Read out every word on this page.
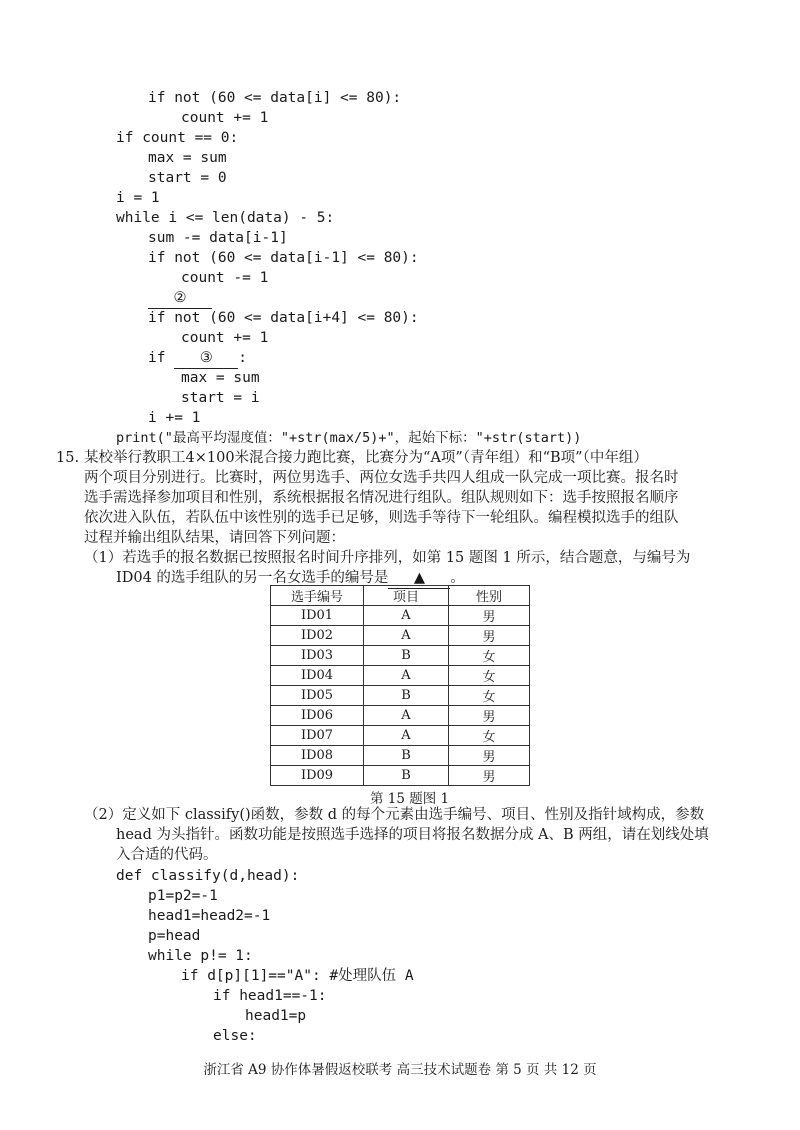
if not (60 <= data[i] <= 80):
count += 1
if count == 0:
max = sum
start = 0
i = 1
while i <= len(data) - 5:
sum -= data[i-1]
if not (60 <= data[i-1] <= 80):
count -= 1
②
if not (60 <= data[i+4] <= 80):
count += 1
if ③ :
max = sum
start = i
i += 1
print("最高平均湿度值："+str(max/5)+"，起始下标："+str(start))
15. 某校举行教职工4×100米混合接力跑比赛，比赛分为“A项”（青年组）和“B项”（中年组）
两个项目分别进行。比赛时，两位男选手、两位女选手共四人组成一队完成一项比赛。报名时
选手需选择参加项目和性别，系统根据报名情况进行组队。组队规则如下：选手按照报名顺序
依次进入队伍，若队伍中该性别的选手已足够，则选手等待下一轮组队。编程模拟选手的组队
过程并输出组队结果，请回答下列问题：
（1）若选手的报名数据已按照报名时间升序排列，如第 15 题图 1 所示，结合题意，与编号为
ID04 的选手组队的另一名女选手的编号是 ▲ 。
选手编号	项目	性别
ID01	A	男
ID02	A	男
ID03	B	女
ID04	A	女
ID05	B	女
ID06	A	男
ID07	A	女
ID08	B	男
ID09	B	男
第 15 题图 1
（2）定义如下 classify()函数，参数 d 的每个元素由选手编号、项目、性别及指针域构成，参数
head 为头指针。函数功能是按照选手选择的项目将报名数据分成 A、B 两组，请在划线处填
入合适的代码。
def classify(d,head):
p1=p2=-1
head1=head2=-1
p=head
while p!= 1:
if d[p][1]=="A": #处理队伍 A
if head1==-1:
head1=p
else:
浙江省 A9 协作体暑假返校联考 高三技术试题卷 第 5 页 共 12 页
